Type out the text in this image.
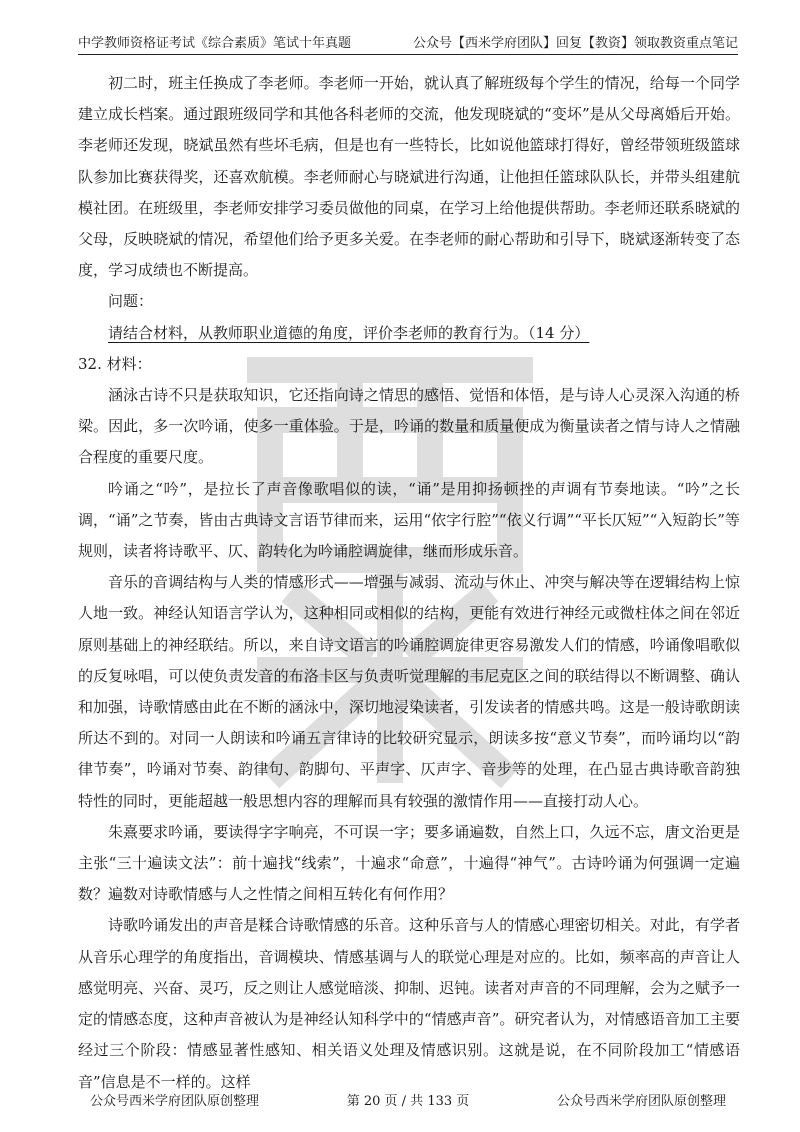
中学教师资格证考试《综合素质》笔试十年真题	公众号【西米学府团队】回复【教资】领取教资重点笔记

初二时，班主任换成了李老师。李老师一开始，就认真了解班级每个学生的情况，给每一个同学建立成长档案。通过跟班级同学和其他各科老师的交流，他发现晓斌的“变坏”是从父母离婚后开始。李老师还发现，晓斌虽然有些坏毛病，但是也有一些特长，比如说他篮球打得好，曾经带领班级篮球队参加比赛获得奖，还喜欢航模。李老师耐心与晓斌进行沟通，让他担任篮球队队长，并带头组建航模社团。在班级里，李老师安排学习委员做他的同桌，在学习上给他提供帮助。李老师还联系晓斌的父母，反映晓斌的情况，希望他们给予更多关爱。在李老师的耐心帮助和引导下，晓斌逐渐转变了态度，学习成绩也不断提高。

问题：

请结合材料，从教师职业道德的角度，评价李老师的教育行为。（14 分）

32. 材料：

涵泳古诗不只是获取知识，它还指向诗之情思的感悟、觉悟和体悟，是与诗人心灵深入沟通的桥梁。因此，多一次吟诵，使多一重体验。于是，吟诵的数量和质量便成为衡量读者之情与诗人之情融合程度的重要尺度。

吟诵之“吟”，是拉长了声音像歌唱似的读，“诵”是用抑扬顿挫的声调有节奏地读。“吟”之长调，“诵”之节奏，皆由古典诗文言语节律而来，运用“依字行腔”“依义行调”“平长仄短”“入短韵长”等规则，读者将诗歌平、仄、韵转化为吟诵腔调旋律，继而形成乐音。

音乐的音调结构与人类的情感形式——增强与减弱、流动与休止、冲突与解决等在逻辑结构上惊人地一致。神经认知语言学认为，这种相同或相似的结构，更能有效进行神经元或微柱体之间在邻近原则基础上的神经联结。所以，来自诗文语言的吟诵腔调旋律更容易激发人们的情感，吟诵像唱歌似的反复咏唱，可以使负责发音的布洛卡区与负责听觉理解的韦尼克区之间的联结得以不断调整、确认和加强，诗歌情感由此在不断的涵泳中，深切地浸染读者，引发读者的情感共鸣。这是一般诗歌朗读所达不到的。对同一人朗读和吟诵五言律诗的比较研究显示，朗读多按“意义节奏”，而吟诵均以“韵律节奏”，吟诵对节奏、韵律句、韵脚句、平声字、仄声字、音步等的处理，在凸显古典诗歌音韵独特性的同时，更能超越一般思想内容的理解而具有较强的激情作用——直接打动人心。

朱熹要求吟诵，要读得字字响亮，不可误一字；要多诵遍数，自然上口，久远不忘，唐文治更是主张“三十遍读文法”：前十遍找“线索”，十遍求“命意”，十遍得“神气”。古诗吟诵为何强调一定遍数？遍数对诗歌情感与人之性情之间相互转化有何作用？

诗歌吟诵发出的声音是糅合诗歌情感的乐音。这种乐音与人的情感心理密切相关。对此，有学者从音乐心理学的角度指出，音调模块、情感基调与人的联觉心理是对应的。比如，频率高的声音让人感觉明亮、兴奋、灵巧，反之则让人感觉暗淡、抑制、迟钝。读者对声音的不同理解，会为之赋予一定的情感态度，这种声音被认为是神经认知科学中的“情感声音”。研究者认为，对情感语音加工主要经过三个阶段：情感显著性感知、相关语义处理及情感识别。这就是说，在不同阶段加工“情感语音”信息是不一样的。这样

公众号西米学府团队原创整理	第 20 页 / 共 133 页	公众号西米学府团队原创整理
